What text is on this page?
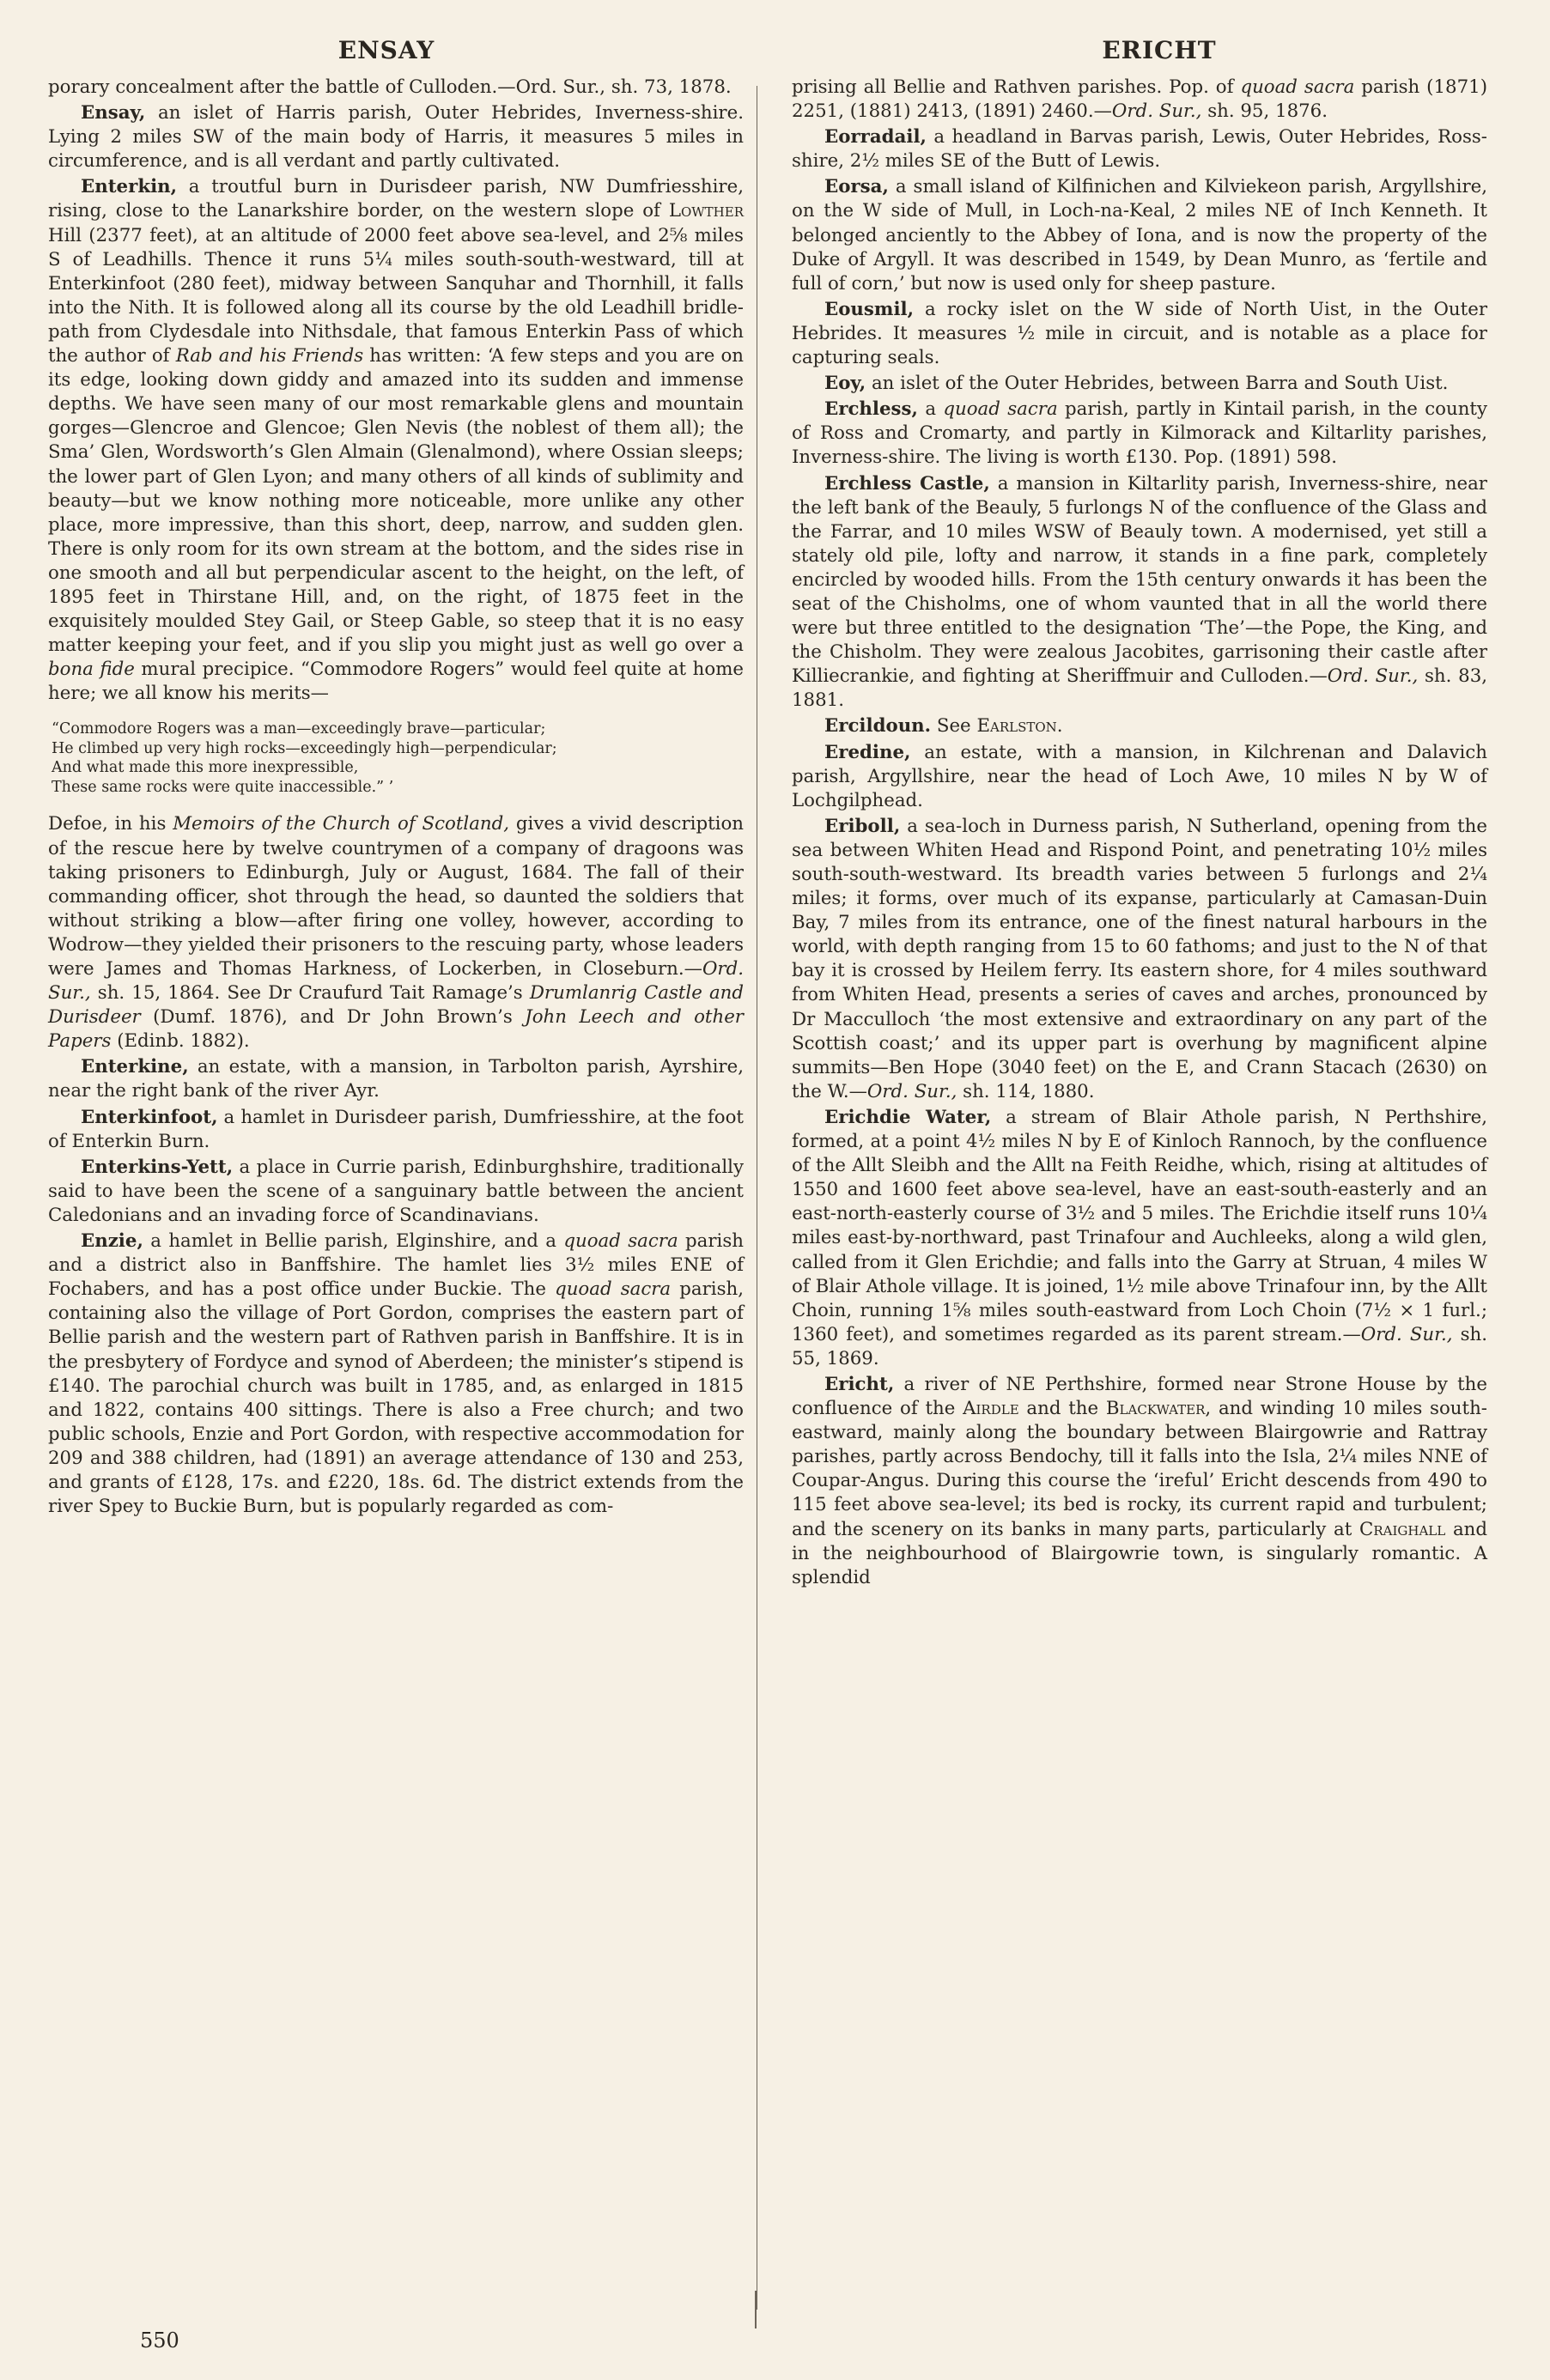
ENSAY	ERICHT

porary concealment after the battle of Culloden.—Ord. Sur., sh. 73, 1878.

Ensay, an islet of Harris parish, Outer Hebrides, Inverness-shire. Lying 2 miles SW of the main body of Harris, it measures 5 miles in circumference, and is all verdant and partly cultivated.

Enterkin, a troutful burn in Durisdeer parish, NW Dumfriesshire, rising, close to the Lanarkshire border, on the western slope of Lowther Hill (2377 feet), at an altitude of 2000 feet above sea-level, and 2⅝ miles S of Leadhills. Thence it runs 5¼ miles south-south-westward, till at Enterkinfoot (280 feet), midway between Sanquhar and Thornhill, it falls into the Nith. It is followed along all its course by the old Leadhill bridle-path from Clydesdale into Nithsdale, that famous Enterkin Pass of which the author of Rab and his Friends has written: ‘A few steps and you are on its edge, looking down giddy and amazed into its sudden and immense depths. We have seen many of our most remarkable glens and mountain gorges—Glencroe and Glencoe; Glen Nevis (the noblest of them all); the Sma’ Glen, Wordsworth’s Glen Almain (Glenalmond), where Ossian sleeps; the lower part of Glen Lyon; and many others of all kinds of sublimity and beauty—but we know nothing more noticeable, more unlike any other place, more impressive, than this short, deep, narrow, and sudden glen. There is only room for its own stream at the bottom, and the sides rise in one smooth and all but perpendicular ascent to the height, on the left, of 1895 feet in Thirstane Hill, and, on the right, of 1875 feet in the exquisitely moulded Stey Gail, or Steep Gable, so steep that it is no easy matter keeping your feet, and if you slip you might just as well go over a bona fide mural precipice. “Commodore Rogers” would feel quite at home here; we all know his merits—

“Commodore Rogers was a man—exceedingly brave—particular;
He climbed up very high rocks—exceedingly high—perpendicular;
And what made this more inexpressible,
These same rocks were quite inaccessible.” ’

Defoe, in his Memoirs of the Church of Scotland, gives a vivid description of the rescue here by twelve countrymen of a company of dragoons was taking prisoners to Edinburgh, July or August, 1684. The fall of their commanding officer, shot through the head, so daunted the soldiers that without striking a blow—after firing one volley, however, according to Wodrow—they yielded their prisoners to the rescuing party, whose leaders were James and Thomas Harkness, of Lockerben, in Closeburn.—Ord. Sur., sh. 15, 1864. See Dr Craufurd Tait Ramage’s Drumlanrig Castle and Durisdeer (Dumf. 1876), and Dr John Brown’s John Leech and other Papers (Edinb. 1882).

Enterkine, an estate, with a mansion, in Tarbolton parish, Ayrshire, near the right bank of the river Ayr.

Enterkinfoot, a hamlet in Durisdeer parish, Dumfriesshire, at the foot of Enterkin Burn.

Enterkins-Yett, a place in Currie parish, Edinburghshire, traditionally said to have been the scene of a sanguinary battle between the ancient Caledonians and an invading force of Scandinavians.

Enzie, a hamlet in Bellie parish, Elginshire, and a quoad sacra parish and a district also in Banffshire. The hamlet lies 3½ miles ENE of Fochabers, and has a post office under Buckie. The quoad sacra parish, containing also the village of Port Gordon, comprises the eastern part of Bellie parish and the western part of Rathven parish in Banffshire. It is in the presbytery of Fordyce and synod of Aberdeen; the minister’s stipend is £140. The parochial church was built in 1785, and, as enlarged in 1815 and 1822, contains 400 sittings. There is also a Free church; and two public schools, Enzie and Port Gordon, with respective accommodation for 209 and 388 children, had (1891) an average attendance of 130 and 253, and grants of £128, 17s. and £220, 18s. 6d. The district extends from the river Spey to Buckie Burn, but is popularly regarded as com-

prising all Bellie and Rathven parishes. Pop. of quoad sacra parish (1871) 2251, (1881) 2413, (1891) 2460.—Ord. Sur., sh. 95, 1876.

Eorradail, a headland in Barvas parish, Lewis, Outer Hebrides, Ross-shire, 2½ miles SE of the Butt of Lewis.

Eorsa, a small island of Kilfinichen and Kilviekeon parish, Argyllshire, on the W side of Mull, in Loch-na-Keal, 2 miles NE of Inch Kenneth. It belonged anciently to the Abbey of Iona, and is now the property of the Duke of Argyll. It was described in 1549, by Dean Munro, as ‘fertile and full of corn,’ but now is used only for sheep pasture.

Eousmil, a rocky islet on the W side of North Uist, in the Outer Hebrides. It measures ½ mile in circuit, and is notable as a place for capturing seals.

Eoy, an islet of the Outer Hebrides, between Barra and South Uist.

Erchless, a quoad sacra parish, partly in Kintail parish, in the county of Ross and Cromarty, and partly in Kilmorack and Kiltarlity parishes, Inverness-shire. The living is worth £130. Pop. (1891) 598.

Erchless Castle, a mansion in Kiltarlity parish, Inverness-shire, near the left bank of the Beauly, 5 furlongs N of the confluence of the Glass and the Farrar, and 10 miles WSW of Beauly town. A modernised, yet still a stately old pile, lofty and narrow, it stands in a fine park, completely encircled by wooded hills. From the 15th century onwards it has been the seat of the Chisholms, one of whom vaunted that in all the world there were but three entitled to the designation ‘The’—the Pope, the King, and the Chisholm. They were zealous Jacobites, garrisoning their castle after Killiecrankie, and fighting at Sheriffmuir and Culloden.—Ord. Sur., sh. 83, 1881.

Ercildoun. See Earlston.

Eredine, an estate, with a mansion, in Kilchrenan and Dalavich parish, Argyllshire, near the head of Loch Awe, 10 miles N by W of Lochgilphead.

Eriboll, a sea-loch in Durness parish, N Sutherland, opening from the sea between Whiten Head and Rispond Point, and penetrating 10½ miles south-south-westward. Its breadth varies between 5 furlongs and 2¼ miles; it forms, over much of its expanse, particularly at Camasan-Duin Bay, 7 miles from its entrance, one of the finest natural harbours in the world, with depth ranging from 15 to 60 fathoms; and just to the N of that bay it is crossed by Heilem ferry. Its eastern shore, for 4 miles southward from Whiten Head, presents a series of caves and arches, pronounced by Dr Macculloch ‘the most extensive and extraordinary on any part of the Scottish coast;’ and its upper part is overhung by magnificent alpine summits—Ben Hope (3040 feet) on the E, and Crann Stacach (2630) on the W.—Ord. Sur., sh. 114, 1880.

Erichdie Water, a stream of Blair Athole parish, N Perthshire, formed, at a point 4½ miles N by E of Kinloch Rannoch, by the confluence of the Allt Sleibh and the Allt na Feith Reidhe, which, rising at altitudes of 1550 and 1600 feet above sea-level, have an east-south-easterly and an east-north-easterly course of 3½ and 5 miles. The Erichdie itself runs 10¼ miles east-by-northward, past Trinafour and Auchleeks, along a wild glen, called from it Glen Erichdie; and falls into the Garry at Struan, 4 miles W of Blair Athole village. It is joined, 1½ mile above Trinafour inn, by the Allt Choin, running 1⅝ miles south-eastward from Loch Choin (7½ × 1 furl.; 1360 feet), and sometimes regarded as its parent stream.—Ord. Sur., sh. 55, 1869.

Ericht, a river of NE Perthshire, formed near Strone House by the confluence of the Airdle and the Blackwater, and winding 10 miles south-eastward, mainly along the boundary between Blairgowrie and Rattray parishes, partly across Bendochy, till it falls into the Isla, 2¼ miles NNE of Coupar-Angus. During this course the ‘ireful’ Ericht descends from 490 to 115 feet above sea-level; its bed is rocky, its current rapid and turbulent; and the scenery on its banks in many parts, particularly at Craighall and in the neighbourhood of Blairgowrie town, is singularly romantic. A splendid

550
